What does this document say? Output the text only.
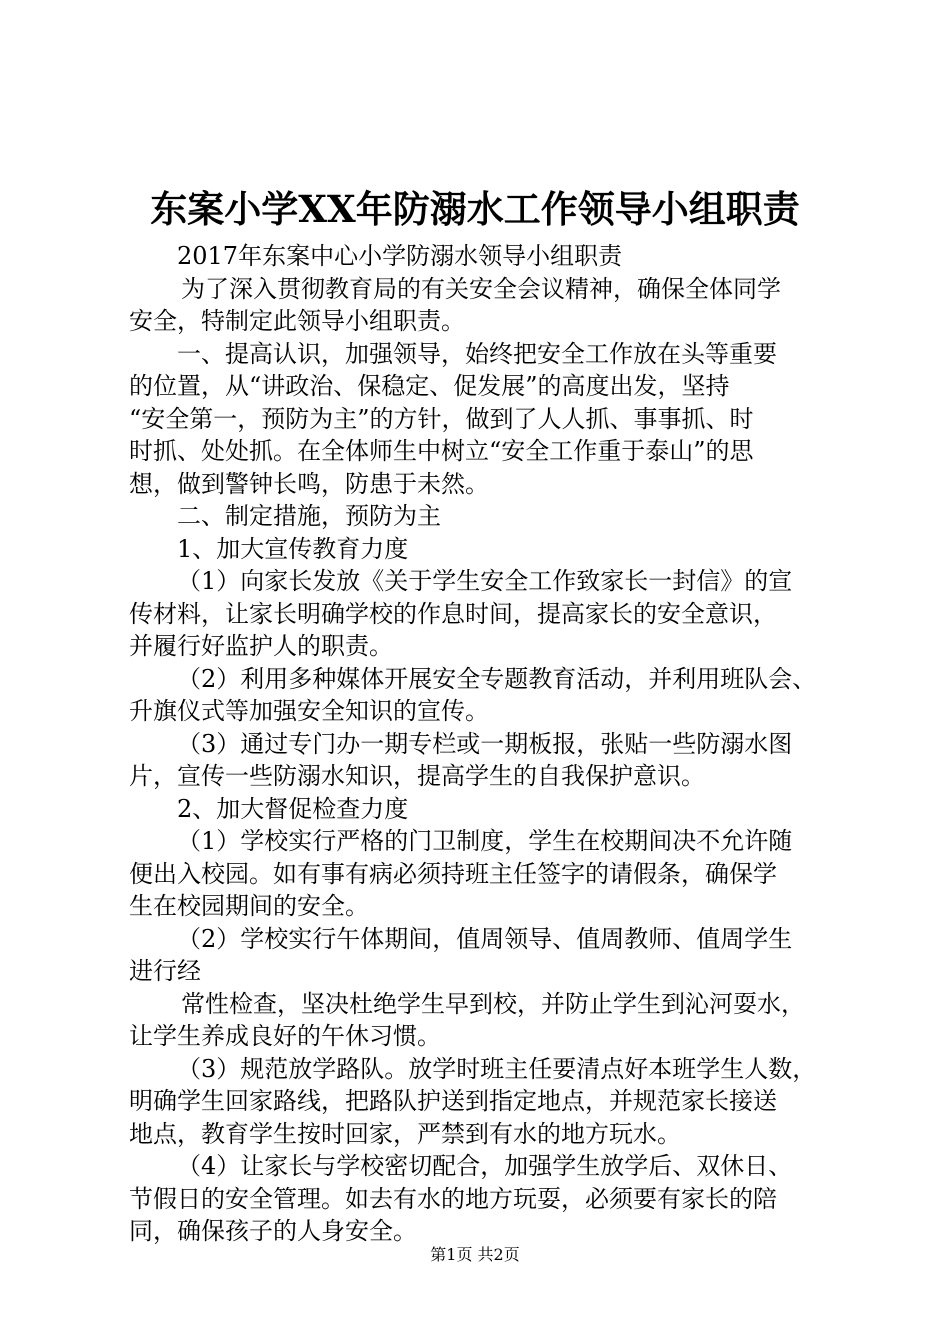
东案小学XX年防溺水工作领导小组职责
2017年东案中心小学防溺水领导小组职责
为了深入贯彻教育局的有关安全会议精神，确保全体同学
安全，特制定此领导小组职责。
一、提高认识，加强领导，始终把安全工作放在头等重要
的位置，从“讲政治、保稳定、促发展”的高度出发，坚持
“安全第一，预防为主”的方针，做到了人人抓、事事抓、时
时抓、处处抓。在全体师生中树立“安全工作重于泰山”的思
想，做到警钟长鸣，防患于未然。
二、制定措施，预防为主
1、加大宣传教育力度
（1）向家长发放《关于学生安全工作致家长一封信》的宣
传材料，让家长明确学校的作息时间，提高家长的安全意识，
并履行好监护人的职责。
（2）利用多种媒体开展安全专题教育活动，并利用班队会、
升旗仪式等加强安全知识的宣传。
（3）通过专门办一期专栏或一期板报，张贴一些防溺水图
片，宣传一些防溺水知识，提高学生的自我保护意识。
2、加大督促检查力度
（1）学校实行严格的门卫制度，学生在校期间决不允许随
便出入校园。如有事有病必须持班主任签字的请假条，确保学
生在校园期间的安全。
（2）学校实行午体期间，值周领导、值周教师、值周学生
进行经
常性检查，坚决杜绝学生早到校，并防止学生到沁河耍水，
让学生养成良好的午休习惯。
（3）规范放学路队。放学时班主任要清点好本班学生人数，
明确学生回家路线，把路队护送到指定地点，并规范家长接送
地点，教育学生按时回家，严禁到有水的地方玩水。
（4）让家长与学校密切配合，加强学生放学后、双休日、
节假日的安全管理。如去有水的地方玩耍，必须要有家长的陪
同，确保孩子的人身安全。
第1页 共2页
